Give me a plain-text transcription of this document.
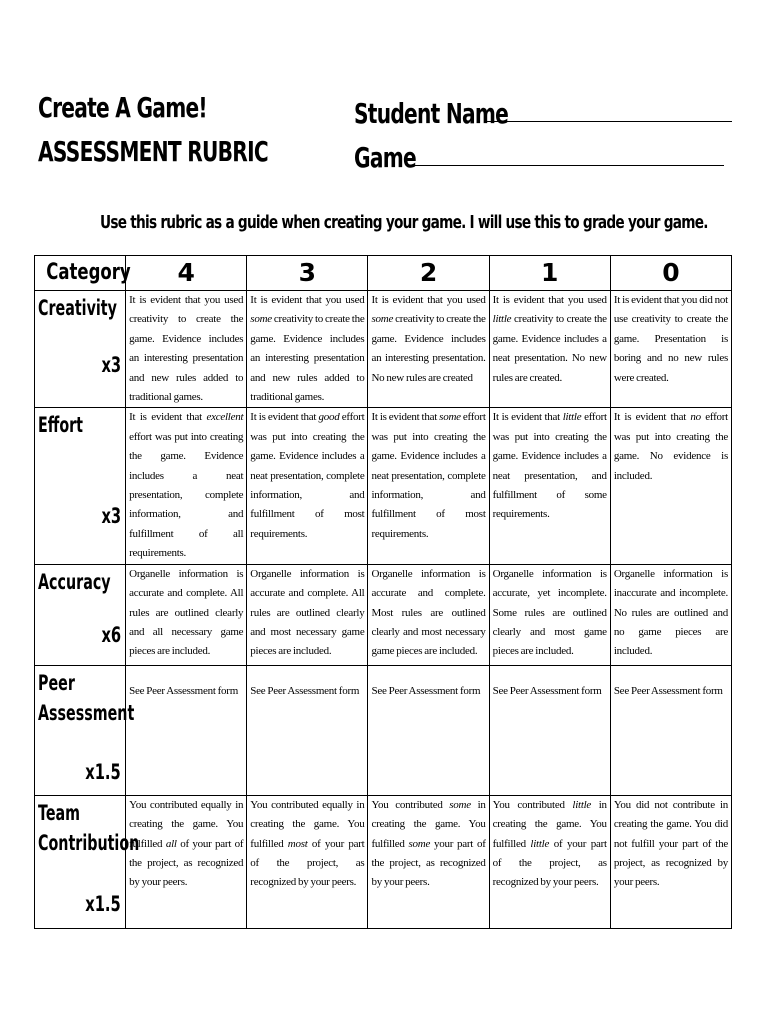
Create A Game!
ASSESSMENT RUBRIC
Student Name
Game
Use this rubric as a guide when creating your game. I will use this to grade your game.
Category	4	3	2	1	0

Creativity
x3	It is evident that you used creativity to create the game. Evidence includes an interesting presentation and new rules added to traditional games.	It is evident that you used some creativity to create the game. Evidence includes an interesting presentation and new rules added to traditional games.	It is evident that you used some creativity to create the game. Evidence includes an interesting presentation. No new rules are created	It is evident that you used little creativity to create the game. Evidence includes a neat presentation. No new rules are created.	It is evident that you did not use creativity to create the game. Presentation is boring and no new rules were created.

Effort
x3	It is evident that excellent effort was put into creating the game. Evidence includes a neat presentation, complete information, and fulfillment of all requirements.	It is evident that good effort was put into creating the game. Evidence includes a neat presentation, complete information, and fulfillment of most requirements.	It is evident that some effort was put into creating the game. Evidence includes a neat presentation, complete information, and fulfillment of most requirements.	It is evident that little effort was put into creating the game. Evidence includes a neat presentation, and fulfillment of some requirements.	It is evident that no effort was put into creating the game. No evidence is included.

Accuracy
x6	Organelle information is accurate and complete. All rules are outlined clearly and all necessary game pieces are included.	Organelle information is accurate and complete. All rules are outlined clearly and most necessary game pieces are included.	Organelle information is accurate and complete. Most rules are outlined clearly and most necessary game pieces are included.	Organelle information is accurate, yet incomplete. Some rules are outlined clearly and most game pieces are included.	Organelle information is inaccurate and incomplete. No rules are outlined and no game pieces are included.

Peer
Assessment
x1.5	See Peer Assessment form	See Peer Assessment form	See Peer Assessment form	See Peer Assessment form	See Peer Assessment form

Team
Contribution
x1.5	You contributed equally in creating the game. You fulfilled all of your part of the project, as recognized by your peers.	You contributed equally in creating the game. You fulfilled most of your part of the project, as recognized by your peers.	You contributed some in creating the game. You fulfilled some your part of the project, as recognized by your peers.	You contributed little in creating the game. You fulfilled little of your part of the project, as recognized by your peers.	You did not contribute in creating the game. You did not fulfill your part of the project, as recognized by your peers.
